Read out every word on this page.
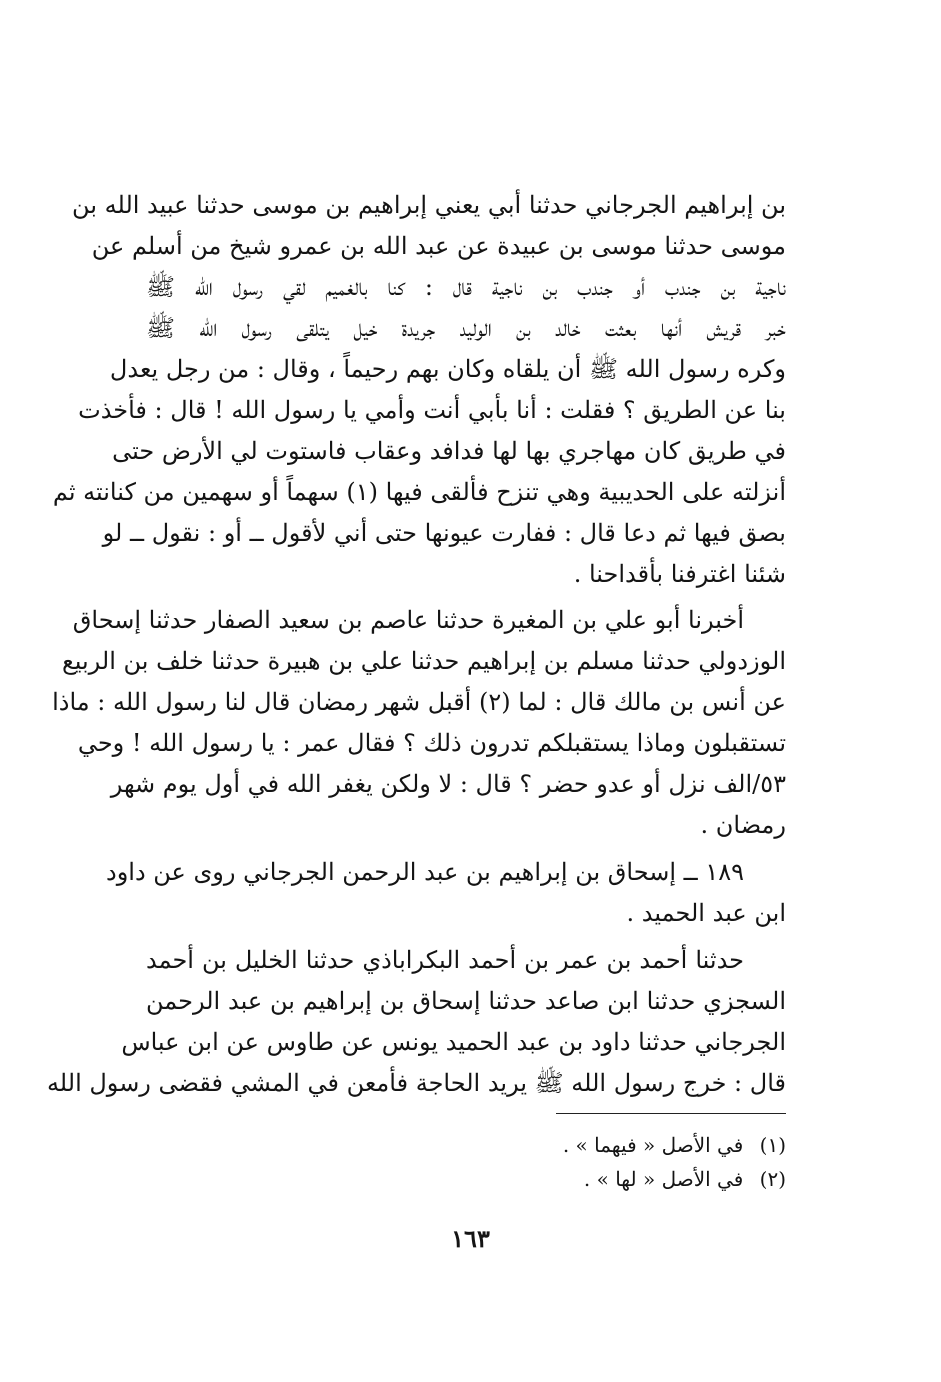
بن إبراهيم الجرجاني حدثنا أبي يعني إبراهيم بن موسى حدثنا عبيد الله بن
موسى حدثنا موسى بن عبيدة عن عبد الله بن عمرو شيخ من أسلم عن
ناجية بن جندب أو جندب بن ناجية قال : كنا بالغميم لقي رسول الله ﷺ
خبر قريش أنها بعثت خالد بن الوليد جريدة خيل يتلقى رسول الله ﷺ
وكره رسول الله ﷺ أن يلقاه وكان بهم رحيماً ، وقال : من رجل يعدل
بنا عن الطريق ؟ فقلت : أنا بأبي أنت وأمي يا رسول الله ! قال : فأخذت
في طريق كان مهاجري بها لها فدافد وعقاب فاستوت لي الأرض حتى
أنزلته على الحديبية وهي تنزح فألقى فيها (١) سهماً أو سهمين من كنانته ثم
بصق فيها ثم دعا قال : ففارت عيونها حتى أني لأقول ــ أو : نقول ــ لو
شئنا اغترفنا بأقداحنا .
أخبرنا أبو علي بن المغيرة حدثنا عاصم بن سعيد الصفار حدثنا إسحاق
الوزدولي حدثنا مسلم بن إبراهيم حدثنا علي بن هبيرة حدثنا خلف بن الربيع
عن أنس بن مالك قال : لما (٢) أقبل شهر رمضان قال لنا رسول الله : ماذا
تستقبلون وماذا يستقبلكم تدرون ذلك ؟ فقال عمر : يا رسول الله ! وحي
٥٣/الف نزل أو عدو حضر ؟ قال : لا ولكن يغفر الله في أول يوم شهر
رمضان .
١٨٩ ــ إسحاق بن إبراهيم بن عبد الرحمن الجرجاني روى عن داود
ابن عبد الحميد .
حدثنا أحمد بن عمر بن أحمد البكراباذي حدثنا الخليل بن أحمد
السجزي حدثنا ابن صاعد حدثنا إسحاق بن إبراهيم بن عبد الرحمن
الجرجاني حدثنا داود بن عبد الحميد يونس عن طاوس عن ابن عباس
قال : خرج رسول الله ﷺ يريد الحاجة فأمعن في المشي فقضى رسول الله
(١) في الأصل « فيهما » .
(٢) في الأصل « لها » .
١٦٣
